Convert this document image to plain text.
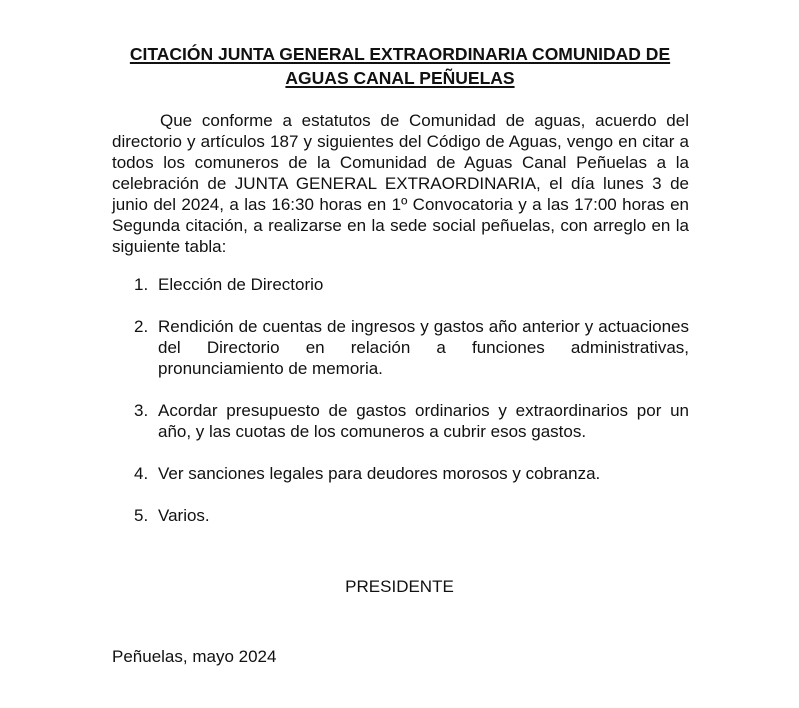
CITACIÓN JUNTA GENERAL EXTRAORDINARIA COMUNIDAD DE
AGUAS CANAL PEÑUELAS

Que conforme a estatutos de Comunidad de aguas, acuerdo del directorio y artículos 187 y siguientes del Código de Aguas, vengo en citar a todos los comuneros de la Comunidad de Aguas Canal Peñuelas a la celebración de JUNTA GENERAL EXTRAORDINARIA, el día lunes 3 de junio del 2024, a las 16:30 horas en 1º Convocatoria y a las 17:00 horas en Segunda citación, a realizarse en la sede social peñuelas, con arreglo en la siguiente tabla:

1. Elección de Directorio
2. Rendición de cuentas de ingresos y gastos año anterior y actuaciones del Directorio en relación a funciones administrativas, pronunciamiento de memoria.
3. Acordar presupuesto de gastos ordinarios y extraordinarios por un año, y las cuotas de los comuneros a cubrir esos gastos.
4. Ver sanciones legales para deudores morosos y cobranza.
5. Varios.
PRESIDENTE
Peñuelas, mayo 2024
